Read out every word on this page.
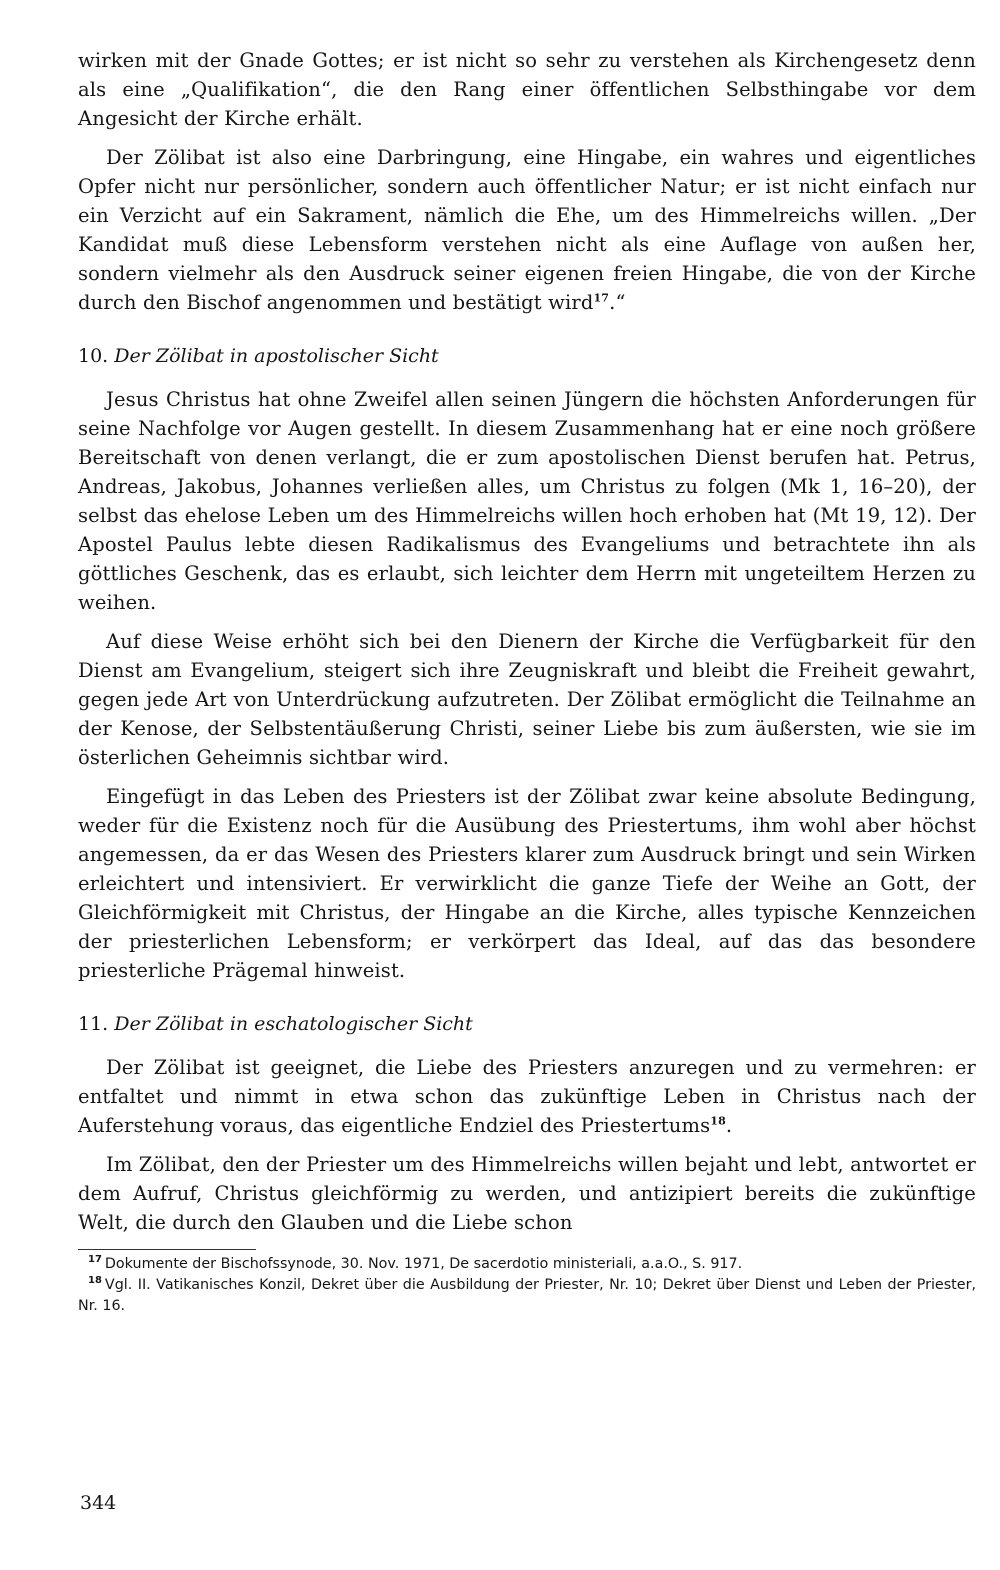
wirken mit der Gnade Gottes; er ist nicht so sehr zu verstehen als Kirchengesetz denn als eine „Qualifikation“, die den Rang einer öffentlichen Selbsthingabe vor dem Angesicht der Kirche erhält.

Der Zölibat ist also eine Darbringung, eine Hingabe, ein wahres und eigentliches Opfer nicht nur persönlicher, sondern auch öffentlicher Natur; er ist nicht einfach nur ein Verzicht auf ein Sakrament, nämlich die Ehe, um des Himmelreichs willen. „Der Kandidat muß diese Lebensform verstehen nicht als eine Auflage von außen her, sondern vielmehr als den Ausdruck seiner eigenen freien Hingabe, die von der Kirche durch den Bischof angenommen und bestätigt wird$^{17}$.“

10. Der Zölibat in apostolischer Sicht

Jesus Christus hat ohne Zweifel allen seinen Jüngern die höchsten Anforderungen für seine Nachfolge vor Augen gestellt. In diesem Zusammenhang hat er eine noch größere Bereitschaft von denen verlangt, die er zum apostolischen Dienst berufen hat. Petrus, Andreas, Jakobus, Johannes verließen alles, um Christus zu folgen (Mk 1, 16–20), der selbst das ehelose Leben um des Himmelreichs willen hoch erhoben hat (Mt 19, 12). Der Apostel Paulus lebte diesen Radikalismus des Evangeliums und betrachtete ihn als göttliches Geschenk, das es erlaubt, sich leichter dem Herrn mit ungeteiltem Herzen zu weihen.

Auf diese Weise erhöht sich bei den Dienern der Kirche die Verfügbarkeit für den Dienst am Evangelium, steigert sich ihre Zeugniskraft und bleibt die Freiheit gewahrt, gegen jede Art von Unterdrückung aufzutreten. Der Zölibat ermöglicht die Teilnahme an der Kenose, der Selbstentäußerung Christi, seiner Liebe bis zum äußersten, wie sie im österlichen Geheimnis sichtbar wird.

Eingefügt in das Leben des Priesters ist der Zölibat zwar keine absolute Bedingung, weder für die Existenz noch für die Ausübung des Priestertums, ihm wohl aber höchst angemessen, da er das Wesen des Priesters klarer zum Ausdruck bringt und sein Wirken erleichtert und intensiviert. Er verwirklicht die ganze Tiefe der Weihe an Gott, der Gleichförmigkeit mit Christus, der Hingabe an die Kirche, alles typische Kennzeichen der priesterlichen Lebensform; er verkörpert das Ideal, auf das das besondere priesterliche Prägemal hinweist.

11. Der Zölibat in eschatologischer Sicht

Der Zölibat ist geeignet, die Liebe des Priesters anzuregen und zu vermehren: er entfaltet und nimmt in etwa schon das zukünftige Leben in Christus nach der Auferstehung voraus, das eigentliche Endziel des Priestertums$^{18}$.

Im Zölibat, den der Priester um des Himmelreichs willen bejaht und lebt, antwortet er dem Aufruf, Christus gleichförmig zu werden, und antizipiert bereits die zukünftige Welt, die durch den Glauben und die Liebe schon

$^{17}$ Dokumente der Bischofssynode, 30. Nov. 1971, De sacerdotio ministeriali, a.a.O., S. 917.

$^{18}$ Vgl. II. Vatikanisches Konzil, Dekret über die Ausbildung der Priester, Nr. 10; Dekret über Dienst und Leben der Priester, Nr. 16.

344
